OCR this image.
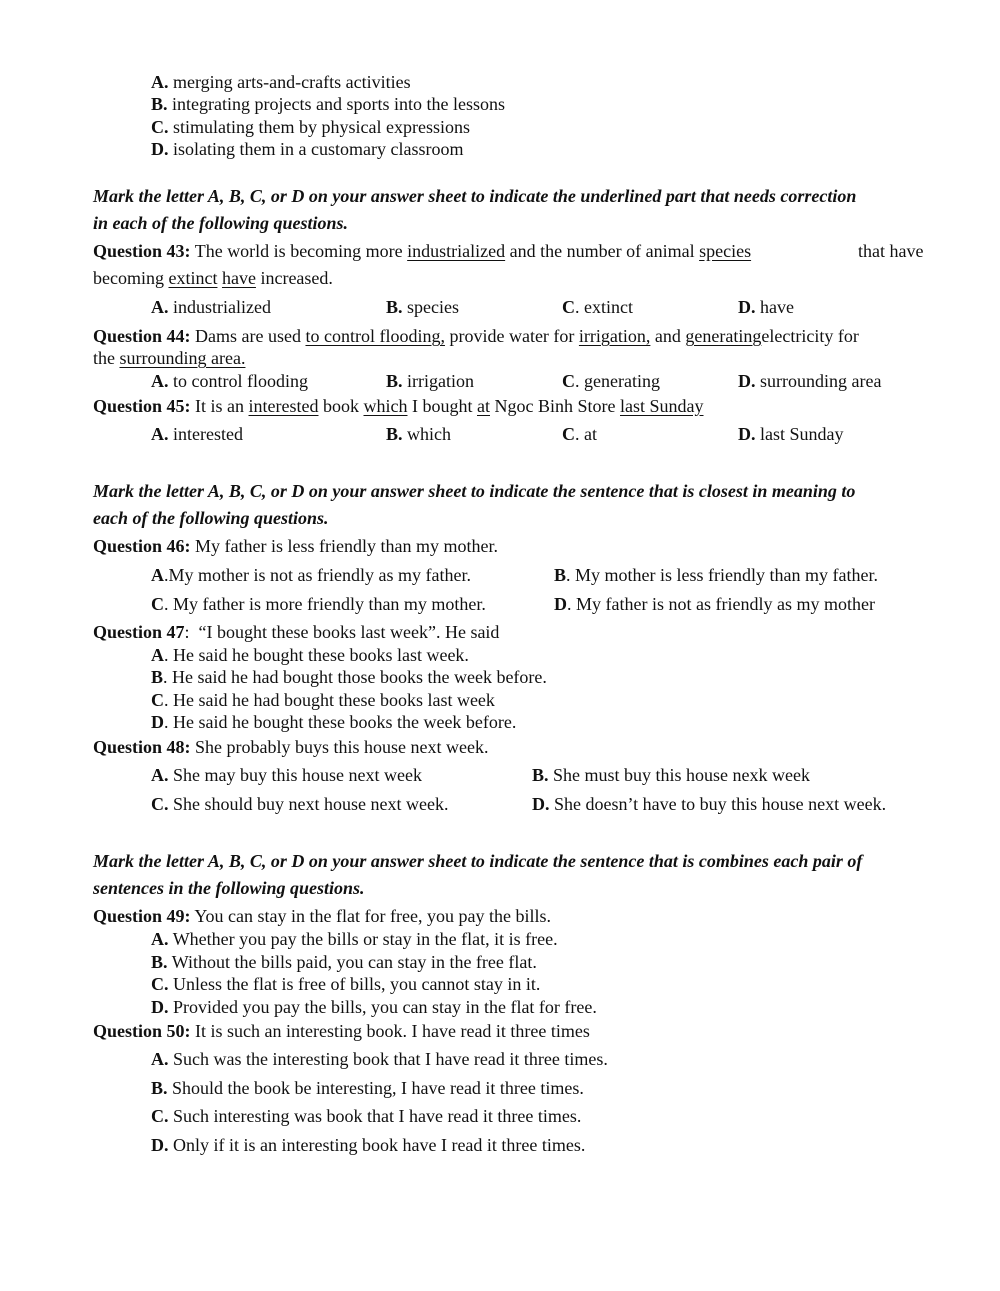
A. merging arts-and-crafts activities
B. integrating projects and sports into the lessons
C. stimulating them by physical expressions
D. isolating them in a customary classroom
Mark the letter A, B, C, or D on your answer sheet to indicate the underlined part that needs correction
in each of the following questions.
Question 43: The world is becoming more industrialized and the number of animal species	that have
becoming extinct have increased.
A. industrialized	B. species	C. extinct	D. have
Question 44: Dams are used to control flooding, provide water for irrigation, and generatingelectricity for
the surrounding area.
A. to control flooding	B. irrigation	C. generating	D. surrounding area
Question 45: It is an interested book which I bought at Ngoc Binh Store last Sunday
A. interested	B. which	C. at	D. last Sunday
Mark the letter A, B, C, or D on your answer sheet to indicate the sentence that is closest in meaning to
each of the following questions.
Question 46: My father is less friendly than my mother.
A.My mother is not as friendly as my father.	B. My mother is less friendly than my father.
C. My father is more friendly than my mother.	D. My father is not as friendly as my mother
Question 47:  “I bought these books last week”. He said
A. He said he bought these books last week.
B. He said he had bought those books the week before.
C. He said he had bought these books last week
D. He said he bought these books the week before.
Question 48: She probably buys this house next week.
A. She may buy this house next week	B. She must buy this house nexk week
C. She should buy next house next week.	D. She doesn’t have to buy this house next week.
Mark the letter A, B, C, or D on your answer sheet to indicate the sentence that is combines each pair of
sentences in the following questions.
Question 49: You can stay in the flat for free, you pay the bills.
A. Whether you pay the bills or stay in the flat, it is free.
B. Without the bills paid, you can stay in the free flat.
C. Unless the flat is free of bills, you cannot stay in it.
D. Provided you pay the bills, you can stay in the flat for free.
Question 50: It is such an interesting book. I have read it three times
A. Such was the interesting book that I have read it three times.
B. Should the book be interesting, I have read it three times.
C. Such interesting was book that I have read it three times.
D. Only if it is an interesting book have I read it three times.
